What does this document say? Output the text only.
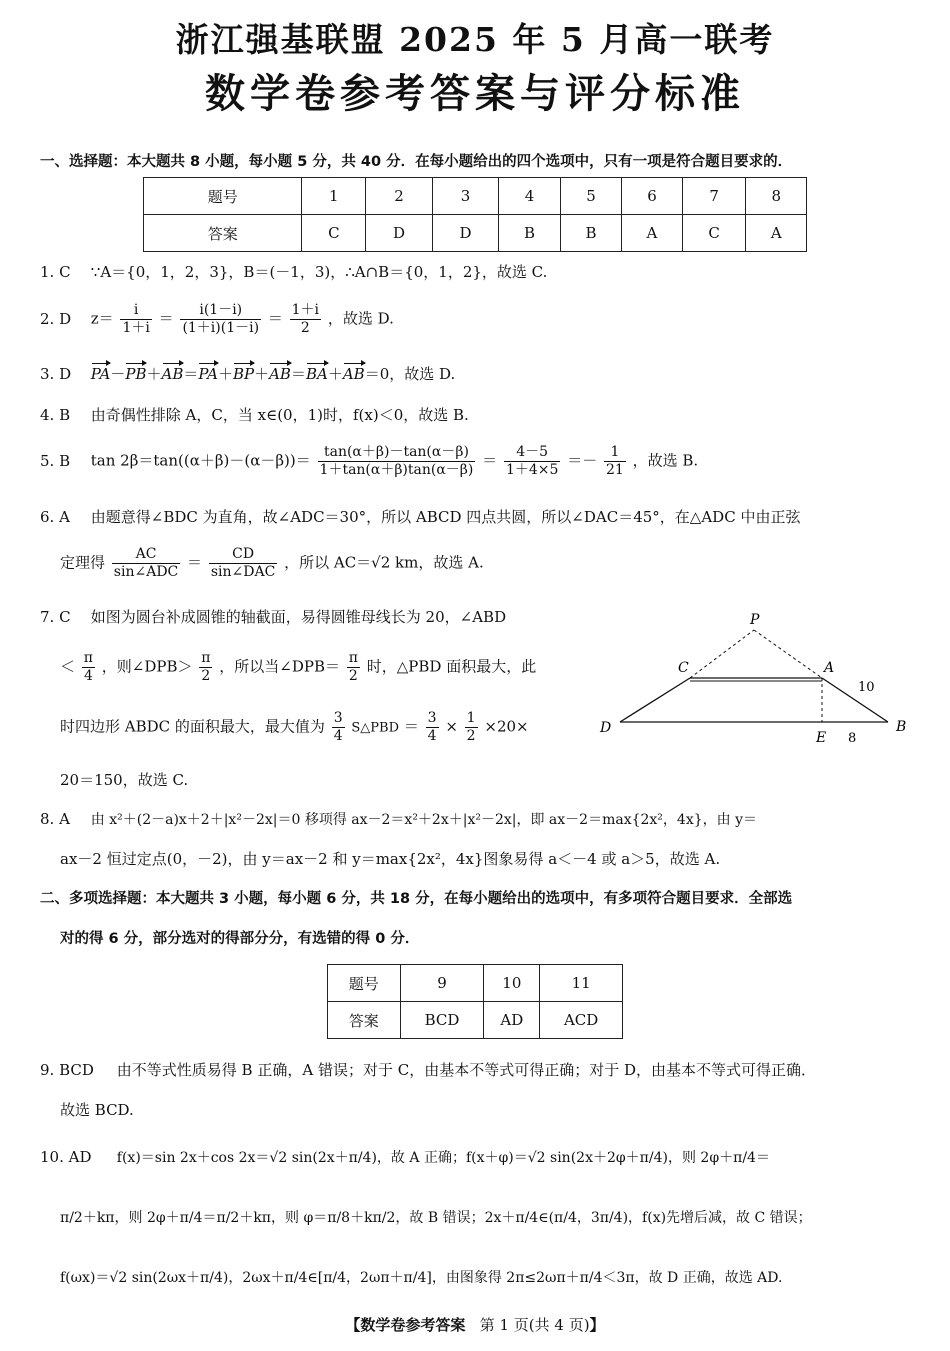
浙江强基联盟 2025 年 5 月高一联考
数学卷参考答案与评分标准
一、选择题：本大题共 8 小题，每小题 5 分，共 40 分．在每小题给出的四个选项中，只有一项是符合题目要求的．
题号	1	2	3	4	5	6	7	8
答案	C	D	D	B	B	A	C	A
1. C ∵A＝{0，1，2，3}，B＝(－1，3)，∴A∩B＝{0，1，2}，故选 C.
2. D $z= \frac{i}{1+i} = \frac{i(1-i)}{(1+i)(1-i)} = \frac{1+i}{2}$ ，故选 D.
3. D PA－PB＋AB＝PA＋BP＋AB＝BA＋AB＝0，故选 D.
4. B 由奇偶性排除 A，C，当 x∈(0，1)时，f(x)＜0，故选 B.
5. B $\tan 2\beta=\tan((\alpha+\beta)-(\alpha-\beta))= \frac{\tan(\alpha+\beta)-\tan(\alpha-\beta)}{1+\tan(\alpha+\beta)\tan(\alpha-\beta)} = \frac{4-5}{1+4\times 5} =- \frac{1}{21}$ ，故选 B.
6. A 由题意得∠BDC 为直角，故∠ADC＝30°，所以 ABCD 四点共圆，所以∠DAC＝45°，在△ADC 中由正弦
定理得	AC
sin∠ADC
＝	CD
sin∠DAC
，所以 AC＝√2 km，故选 A.
7. C 如图为圆台补成圆锥的轴截面，易得圆锥母线长为 20，∠ABD
＜ $\frac{\pi}{4}$ ，则∠DPB＞ $\frac{\pi}{2}$ ，所以当∠DPB＝ $\frac{\pi}{2}$ 时，△PBD 面积最大，此
时四边形 ABDC 的面积最大，最大值为 $\frac{3}{4}$ S△PBD ＝ $\frac{3}{4} \times \frac{1}{2} \times 20\times$
20＝150，故选 C.
P
C	A
D
E
B
10
8
8. A 由 x²＋(2－a)x＋2＋|x²－2x|＝0 移项得 ax－2＝x²＋2x＋|x²－2x|，即 ax－2＝max{2x²，4x}，由 y＝
ax－2 恒过定点(0，－2)，由 y＝ax－2 和 y＝max{2x²，4x}图象易得 a＜－4 或 a＞5，故选 A.
二、多项选择题：本大题共 3 小题，每小题 6 分，共 18 分，在每小题给出的选项中，有多项符合题目要求．全部选
对的得 6 分，部分选对的得部分分，有选错的得 0 分．
题号	9	10	11
答案	BCD	AD	ACD
9. BCD 由不等式性质易得 B 正确，A 错误；对于 C，由基本不等式可得正确；对于 D，由基本不等式可得正确．
故选 BCD.
10. AD f(x)＝sin 2x＋cos 2x＝√2 sin(2x＋π/4)，故 A 正确；f(x＋φ)＝√2 sin(2x＋2φ＋π/4)，则 2φ＋π/4＝
π/2＋kπ，则 2φ＋π/4＝π/2＋kπ，则 φ＝π/8＋kπ/2，故 B 错误；2x＋π/4∈(π/4，3π/4)，f(x)先增后减，故 C 错误；
f(ωx)＝√2 sin(2ωx＋π/4)，2ωx＋π/4∈[π/4，2ωπ＋π/4]，由图象得 2π≤2ωπ＋π/4＜3π，故 D 正确，故选 AD.
【数学卷参考答案 第 1 页(共 4 页)】
